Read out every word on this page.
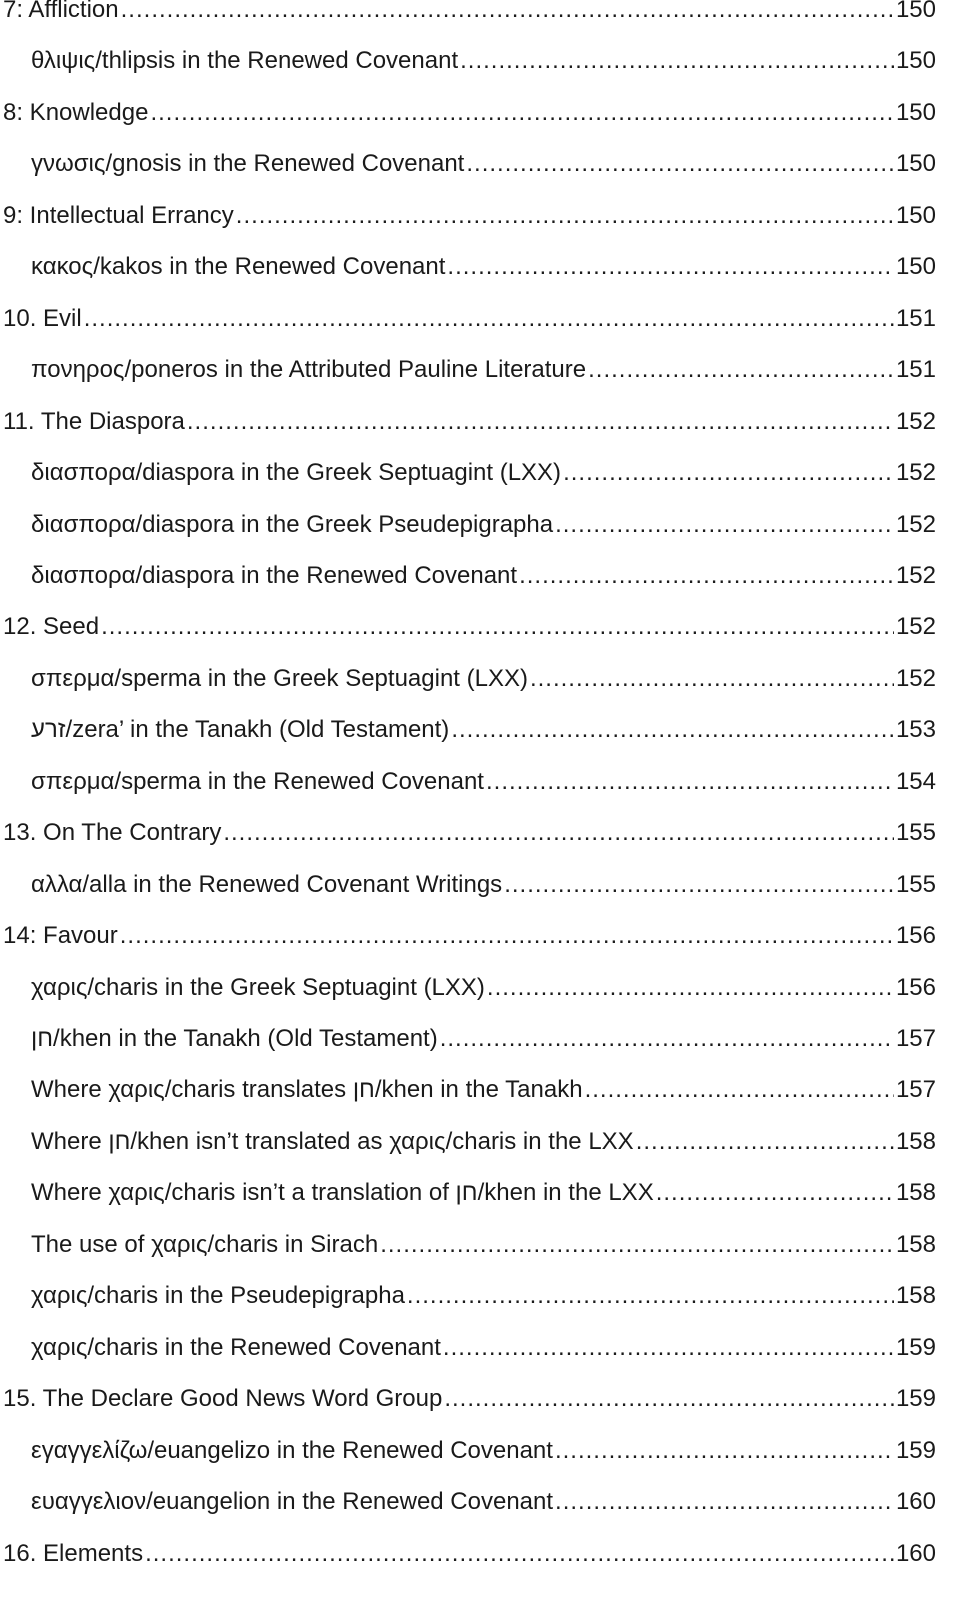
7: Affliction .....	150
θλιψις/thlipsis in the Renewed Covenant .....	150
8: Knowledge .....	150
γνωσις/gnosis in the Renewed Covenant .....	150
9: Intellectual Errancy .....	150
κακος/kakos in the Renewed Covenant .....	150
10. Evil .....	151
πονηρος/poneros in the Attributed Pauline Literature .....	151
11. The Diaspora .....	152
διασπορα/diaspora in the Greek Septuagint (LXX) .....	152
διασπορα/diaspora in the Greek Pseudepigrapha .....	152
διασπορα/diaspora in the Renewed Covenant .....	152
12. Seed .....	152
σπερμα/sperma in the Greek Septuagint (LXX) .....	152
‏זרע‎/zera’ in the Tanakh (Old Testament) .....	153
σπερμα/sperma in the Renewed Covenant .....	154
13. On The Contrary .....	155
αλλα/alla in the Renewed Covenant Writings .....	155
14: Favour .....	156
χαρις/charis in the Greek Septuagint (LXX) .....	156
‏חן‎/khen in the Tanakh (Old Testament) .....	157
Where χαρις/charis translates ‏חן‎/khen in the Tanakh .....	157
Where ‏חן‎/khen isn’t translated as χαρις/charis in the LXX .....	158
Where χαρις/charis isn’t a translation of ‏חן‎/khen in the LXX .....	158
The use of χαρις/charis in Sirach .....	158
χαρις/charis in the Pseudepigrapha .....	158
χαρις/charis in the Renewed Covenant .....	159
15. The Declare Good News Word Group .....	159
εγαγγελίζω/euangelizo in the Renewed Covenant .....	159
ευαγγελιον/euangelion in the Renewed Covenant .....	160
16. Elements .....	160
